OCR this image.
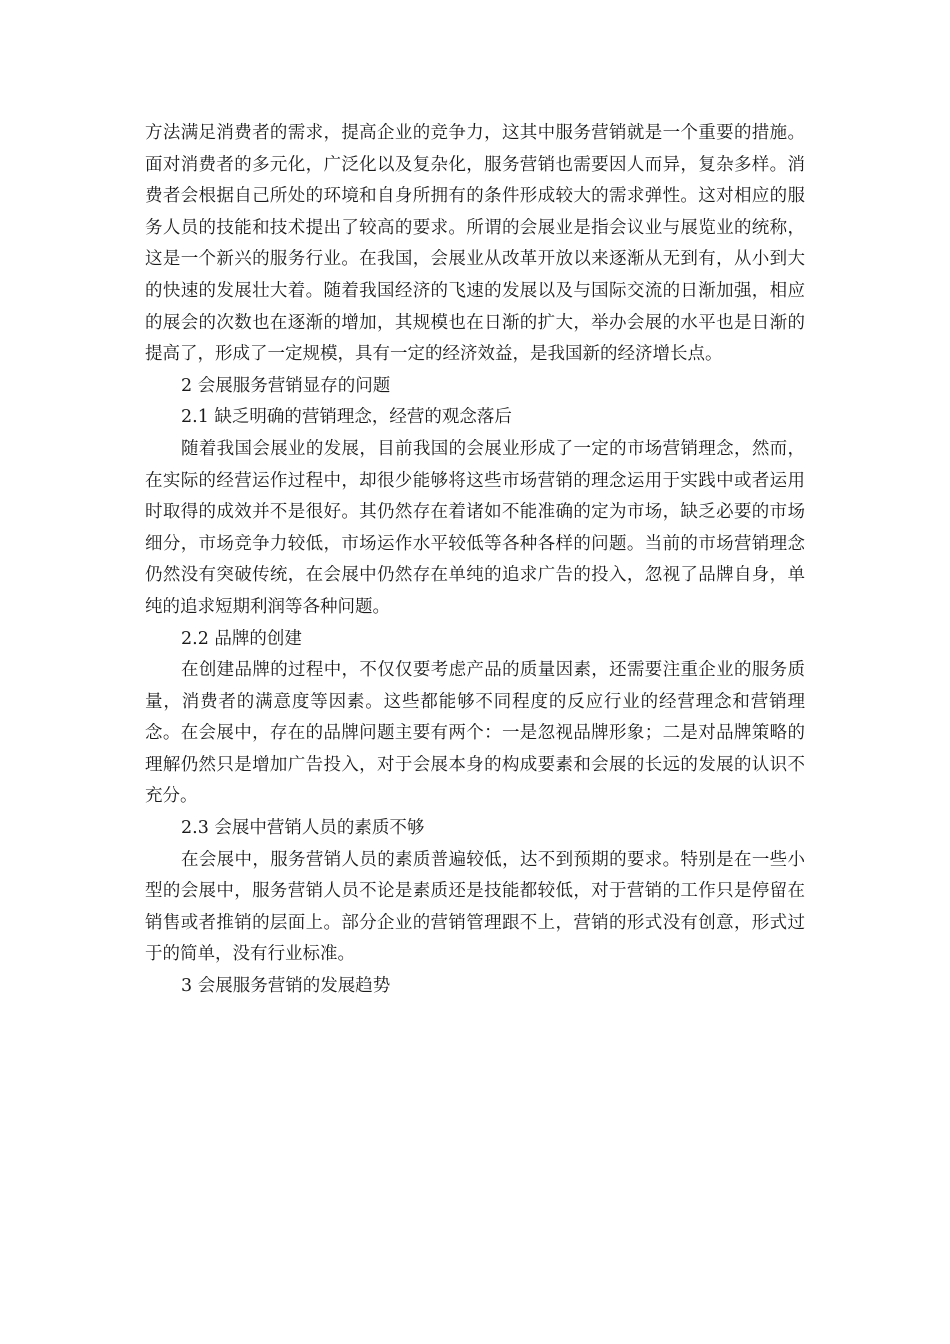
方法满足消费者的需求，提高企业的竞争力，这其中服务营销就是一个重要的措施。面对消费者的多元化，广泛化以及复杂化，服务营销也需要因人而异，复杂多样。消费者会根据自己所处的环境和自身所拥有的条件形成较大的需求弹性。这对相应的服务人员的技能和技术提出了较高的要求。所谓的会展业是指会议业与展览业的统称，这是一个新兴的服务行业。在我国，会展业从改革开放以来逐渐从无到有，从小到大的快速的发展壮大着。随着我国经济的飞速的发展以及与国际交流的日渐加强，相应的展会的次数也在逐渐的增加，其规模也在日渐的扩大，举办会展的水平也是日渐的提高了，形成了一定规模，具有一定的经济效益，是我国新的经济增长点。

2 会展服务营销显存的问题

2.1 缺乏明确的营销理念，经营的观念落后

随着我国会展业的发展，目前我国的会展业形成了一定的市场营销理念，然而，在实际的经营运作过程中，却很少能够将这些市场营销的理念运用于实践中或者运用时取得的成效并不是很好。其仍然存在着诸如不能准确的定为市场，缺乏必要的市场细分，市场竞争力较低，市场运作水平较低等各种各样的问题。当前的市场营销理念仍然没有突破传统，在会展中仍然存在单纯的追求广告的投入，忽视了品牌自身，单纯的追求短期利润等各种问题。

2.2 品牌的创建

在创建品牌的过程中，不仅仅要考虑产品的质量因素，还需要注重企业的服务质量，消费者的满意度等因素。这些都能够不同程度的反应行业的经营理念和营销理念。在会展中，存在的品牌问题主要有两个：一是忽视品牌形象；二是对品牌策略的理解仍然只是增加广告投入，对于会展本身的构成要素和会展的长远的发展的认识不充分。

2.3 会展中营销人员的素质不够

在会展中，服务营销人员的素质普遍较低，达不到预期的要求。特别是在一些小型的会展中，服务营销人员不论是素质还是技能都较低，对于营销的工作只是停留在销售或者推销的层面上。部分企业的营销管理跟不上，营销的形式没有创意，形式过于的简单，没有行业标准。

3 会展服务营销的发展趋势
